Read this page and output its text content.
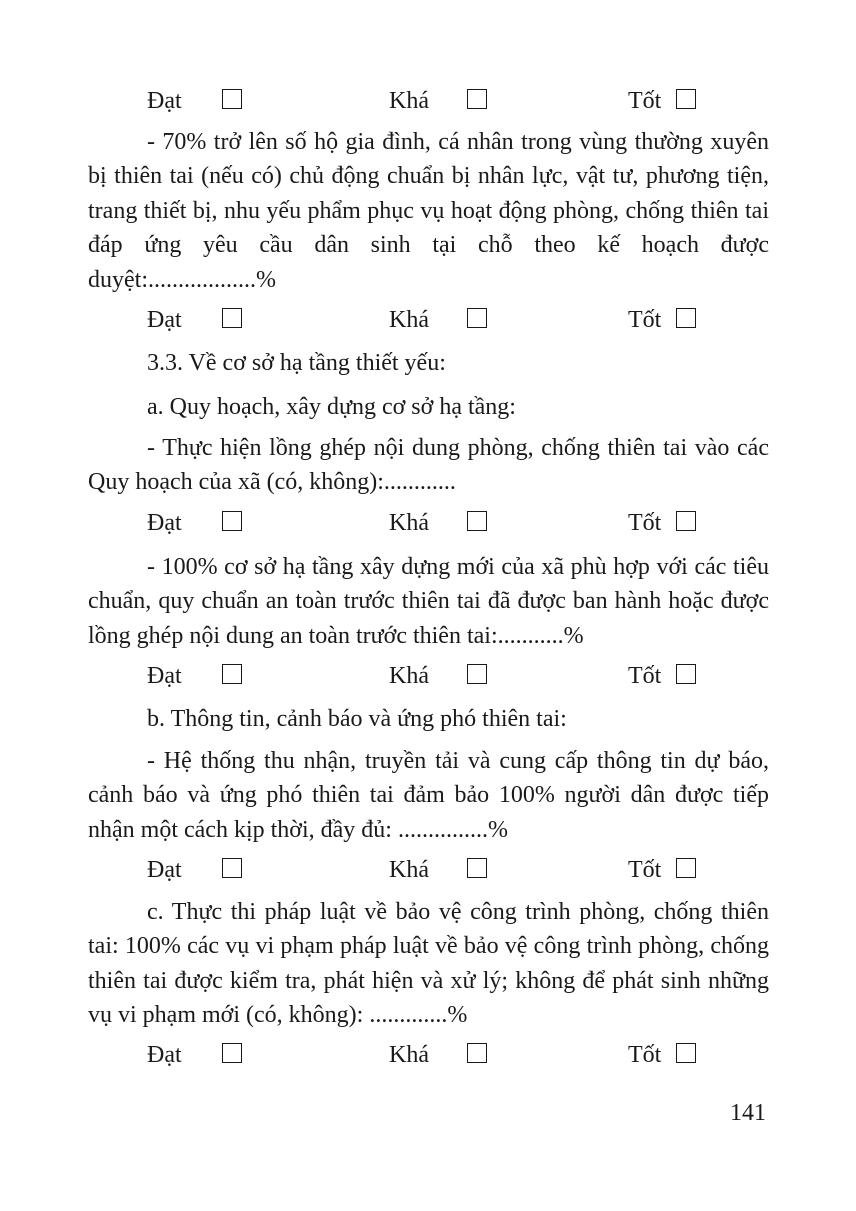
Đạt	Khá	Tốt

- 70% trở lên số hộ gia đình, cá nhân trong vùng thường xuyên bị thiên tai (nếu có) chủ động chuẩn bị nhân lực, vật tư, phương tiện, trang thiết bị, nhu yếu phẩm phục vụ hoạt động phòng, chống thiên tai đáp ứng yêu cầu dân sinh tại chỗ theo kế hoạch được duyệt:..................%

Đạt	Khá	Tốt

3.3. Về cơ sở hạ tầng thiết yếu:

a. Quy hoạch, xây dựng cơ sở hạ tầng:

- Thực hiện lồng ghép nội dung phòng, chống thiên tai vào các Quy hoạch của xã (có, không):............

Đạt	Khá	Tốt

- 100% cơ sở hạ tầng xây dựng mới của xã phù hợp với các tiêu chuẩn, quy chuẩn an toàn trước thiên tai đã được ban hành hoặc được lồng ghép nội dung an toàn trước thiên tai:...........%

Đạt	Khá	Tốt

b. Thông tin, cảnh báo và ứng phó thiên tai:

- Hệ thống thu nhận, truyền tải và cung cấp thông tin dự báo, cảnh báo và ứng phó thiên tai đảm bảo 100% người dân được tiếp nhận một cách kịp thời, đầy đủ: ...............%

Đạt	Khá	Tốt

c. Thực thi pháp luật về bảo vệ công trình phòng, chống thiên tai: 100% các vụ vi phạm pháp luật về bảo vệ công trình phòng, chống thiên tai được kiểm tra, phát hiện và xử lý; không để phát sinh những vụ vi phạm mới (có, không): .............%

Đạt	Khá	Tốt
141
